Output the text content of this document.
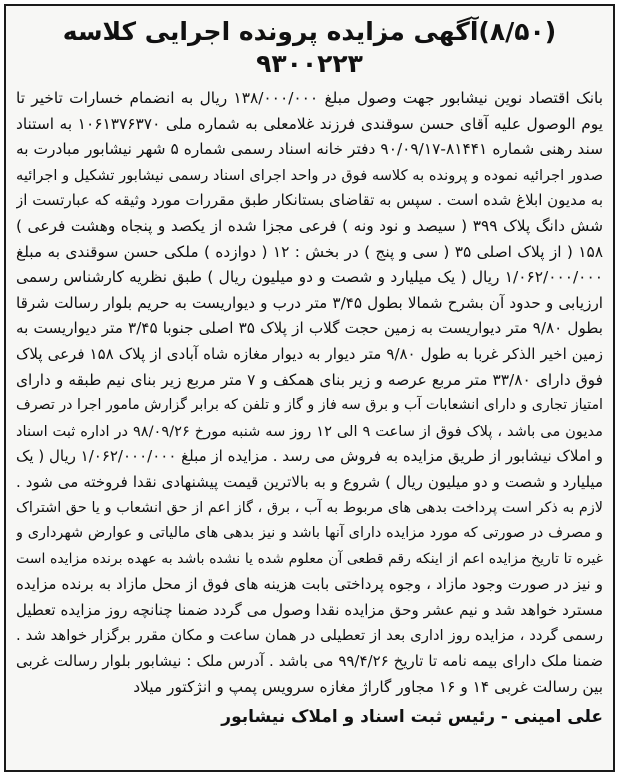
(۸/۵۰)آگهی مزایده پرونده اجرایی کلاسه ۹۳۰۰۲۲۳
بانک اقتصاد نوین نیشابور جهت وصول مبلغ ۱۳۸/۰۰۰/۰۰۰ ریال به انضمام خسارات تاخیر تا
یوم الوصول علیه آقای حسن سوقندی فرزند غلامعلی به شماره ملی ۱۰۶۱۳۷۶۳۷۰ به استناد
سند رهنی شماره ۸۱۴۴۱-۹۰/۰۹/۱۷ دفتر خانه اسناد رسمی شماره ۵ شهر نیشابور مبادرت به
صدور اجرائیه نموده و پرونده به کلاسه فوق در واحد اجرای اسناد رسمی نیشابور تشکیل و اجرائیه
به مدیون ابلاغ شده است . سپس به تقاضای بستانکار طبق مقررات مورد وثیقه که عبارتست از
شش دانگ پلاک ۳۹۹ ( سیصد و نود ونه ) فرعی مجزا شده از یکصد و پنجاه وهشت فرعی )
۱۵۸ ( از پلاک اصلی ۳۵ ( سی و پنج ) در بخش : ۱۲ ( دوازده ) ملکی حسن سوقندی به مبلغ
۱/۰۶۲/۰۰۰/۰۰۰ ریال ( یک میلیارد و شصت و دو میلیون ریال ) طبق نظریه کارشناس رسمی
ارزیابی و حدود آن بشرح شمالا بطول ۳/۴۵ متر درب و دیواریست به حریم بلوار رسالت شرقا
بطول ۹/۸۰ متر دیواریست به زمین حجت گلاب از پلاک ۳۵ اصلی جنوبا ۳/۴۵ متر دیواریست به
زمین اخیر الذکر غربا به طول ۹/۸۰ متر دیوار به دیوار مغازه شاه آبادی از پلاک ۱۵۸ فرعی پلاک
فوق دارای ۳۳/۸۰ متر مربع عرصه و زیر بنای همکف و ۷ متر مربع زیر بنای نیم طبقه و دارای
امتیاز تجاری و دارای انشعابات آب و برق سه فاز و گاز و تلفن که برابر گزارش مامور اجرا در تصرف
مدیون می باشد ، پلاک فوق از ساعت ۹ الی ۱۲ روز سه شنبه مورخ ۹۸/۰۹/۲۶ در اداره ثبت اسناد
و املاک نیشابور از طریق مزایده به فروش می رسد . مزایده از مبلغ ۱/۰۶۲/۰۰۰/۰۰۰ ریال ( یک
میلیارد و شصت و دو میلیون ریال ) شروع و به بالاترین قیمت پیشنهادی نقدا فروخته می شود .
لازم به ذکر است پرداخت بدهی های مربوط به آب ، برق ، گاز اعم از حق انشعاب و یا حق اشتراک
و مصرف در صورتی که مورد مزایده دارای آنها باشد و نیز بدهی های مالیاتی و عوارض شهرداری و
غیره تا تاریخ مزایده اعم از اینکه رقم قطعی آن معلوم شده یا نشده باشد به عهده برنده مزایده است
و نیز در صورت وجود مازاد ، وجوه پرداختی بابت هزینه های فوق از محل مازاد به برنده مزایده
مسترد خواهد شد و نیم عشر وحق مزایده نقدا وصول می گردد ضمنا چنانچه روز مزایده تعطیل
رسمی گردد ، مزایده روز اداری بعد از تعطیلی در همان ساعت و مکان مقرر برگزار خواهد شد .
ضمنا ملک دارای بیمه نامه تا تاریخ ۹۹/۴/۲۶ می باشد . آدرس ملک : نیشابور بلوار رسالت غربی
بین رسالت غربی ۱۴ و ۱۶ مجاور گاراژ مغازه سرویس پمپ و انژکتور میلاد
علی امینی - رئیس ثبت اسناد و املاک نیشابور
